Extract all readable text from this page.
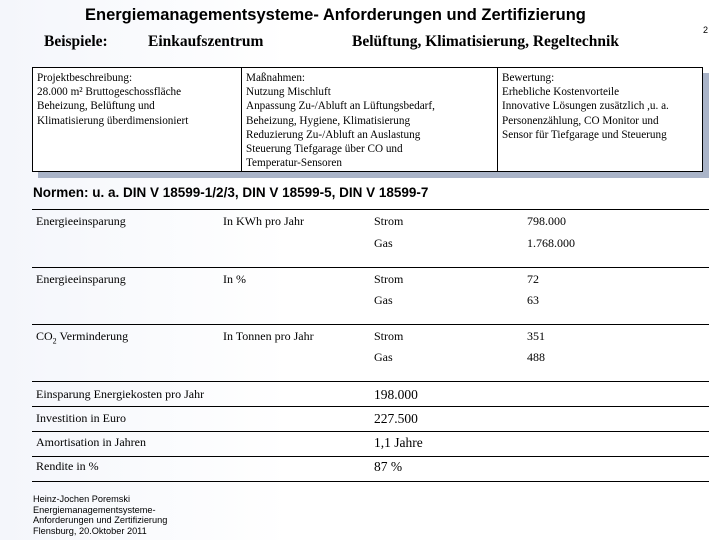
Energiemanagementsysteme- Anforderungen und Zertifizierung
2
Beispiele:	Einkaufszentrum	Belüftung, Klimatisierung, Regeltechnik
Projektbeschreibung:
28.000 m² Bruttogeschossfläche
Beheizung, Belüftung und
Klimatisierung überdimensioniert
Maßnahmen:
Nutzung Mischluft
Anpassung Zu-/Abluft an Lüftungsbedarf,
Beheizung, Hygiene, Klimatisierung
Reduzierung Zu-/Abluft an Auslastung
Steuerung Tiefgarage über CO und
Temperatur-Sensoren
Bewertung:
Erhebliche Kostenvorteile
Innovative Lösungen zusätzlich ,u. a.
Personenzählung, CO Monitor und
Sensor für Tiefgarage und Steuerung
Normen: u. a. DIN V 18599-1/2/3, DIN V 18599-5, DIN V 18599-7
Energieeinsparung	In KWh pro Jahr	Strom	798.000
Gas	1.768.000
Energieeinsparung	In %	Strom	72
Gas	63
$CO_2$ Verminderung	In Tonnen pro Jahr	Strom	351
Gas	488
Einsparung Energiekosten pro Jahr	198.000
Investition in Euro	227.500
Amortisation in Jahren	1,1 Jahre
Rendite in %	87 %
Heinz-Jochen Poremski
Energiemanagementsysteme-
Anforderungen und Zertifizierung
Flensburg, 20.Oktober 2011
